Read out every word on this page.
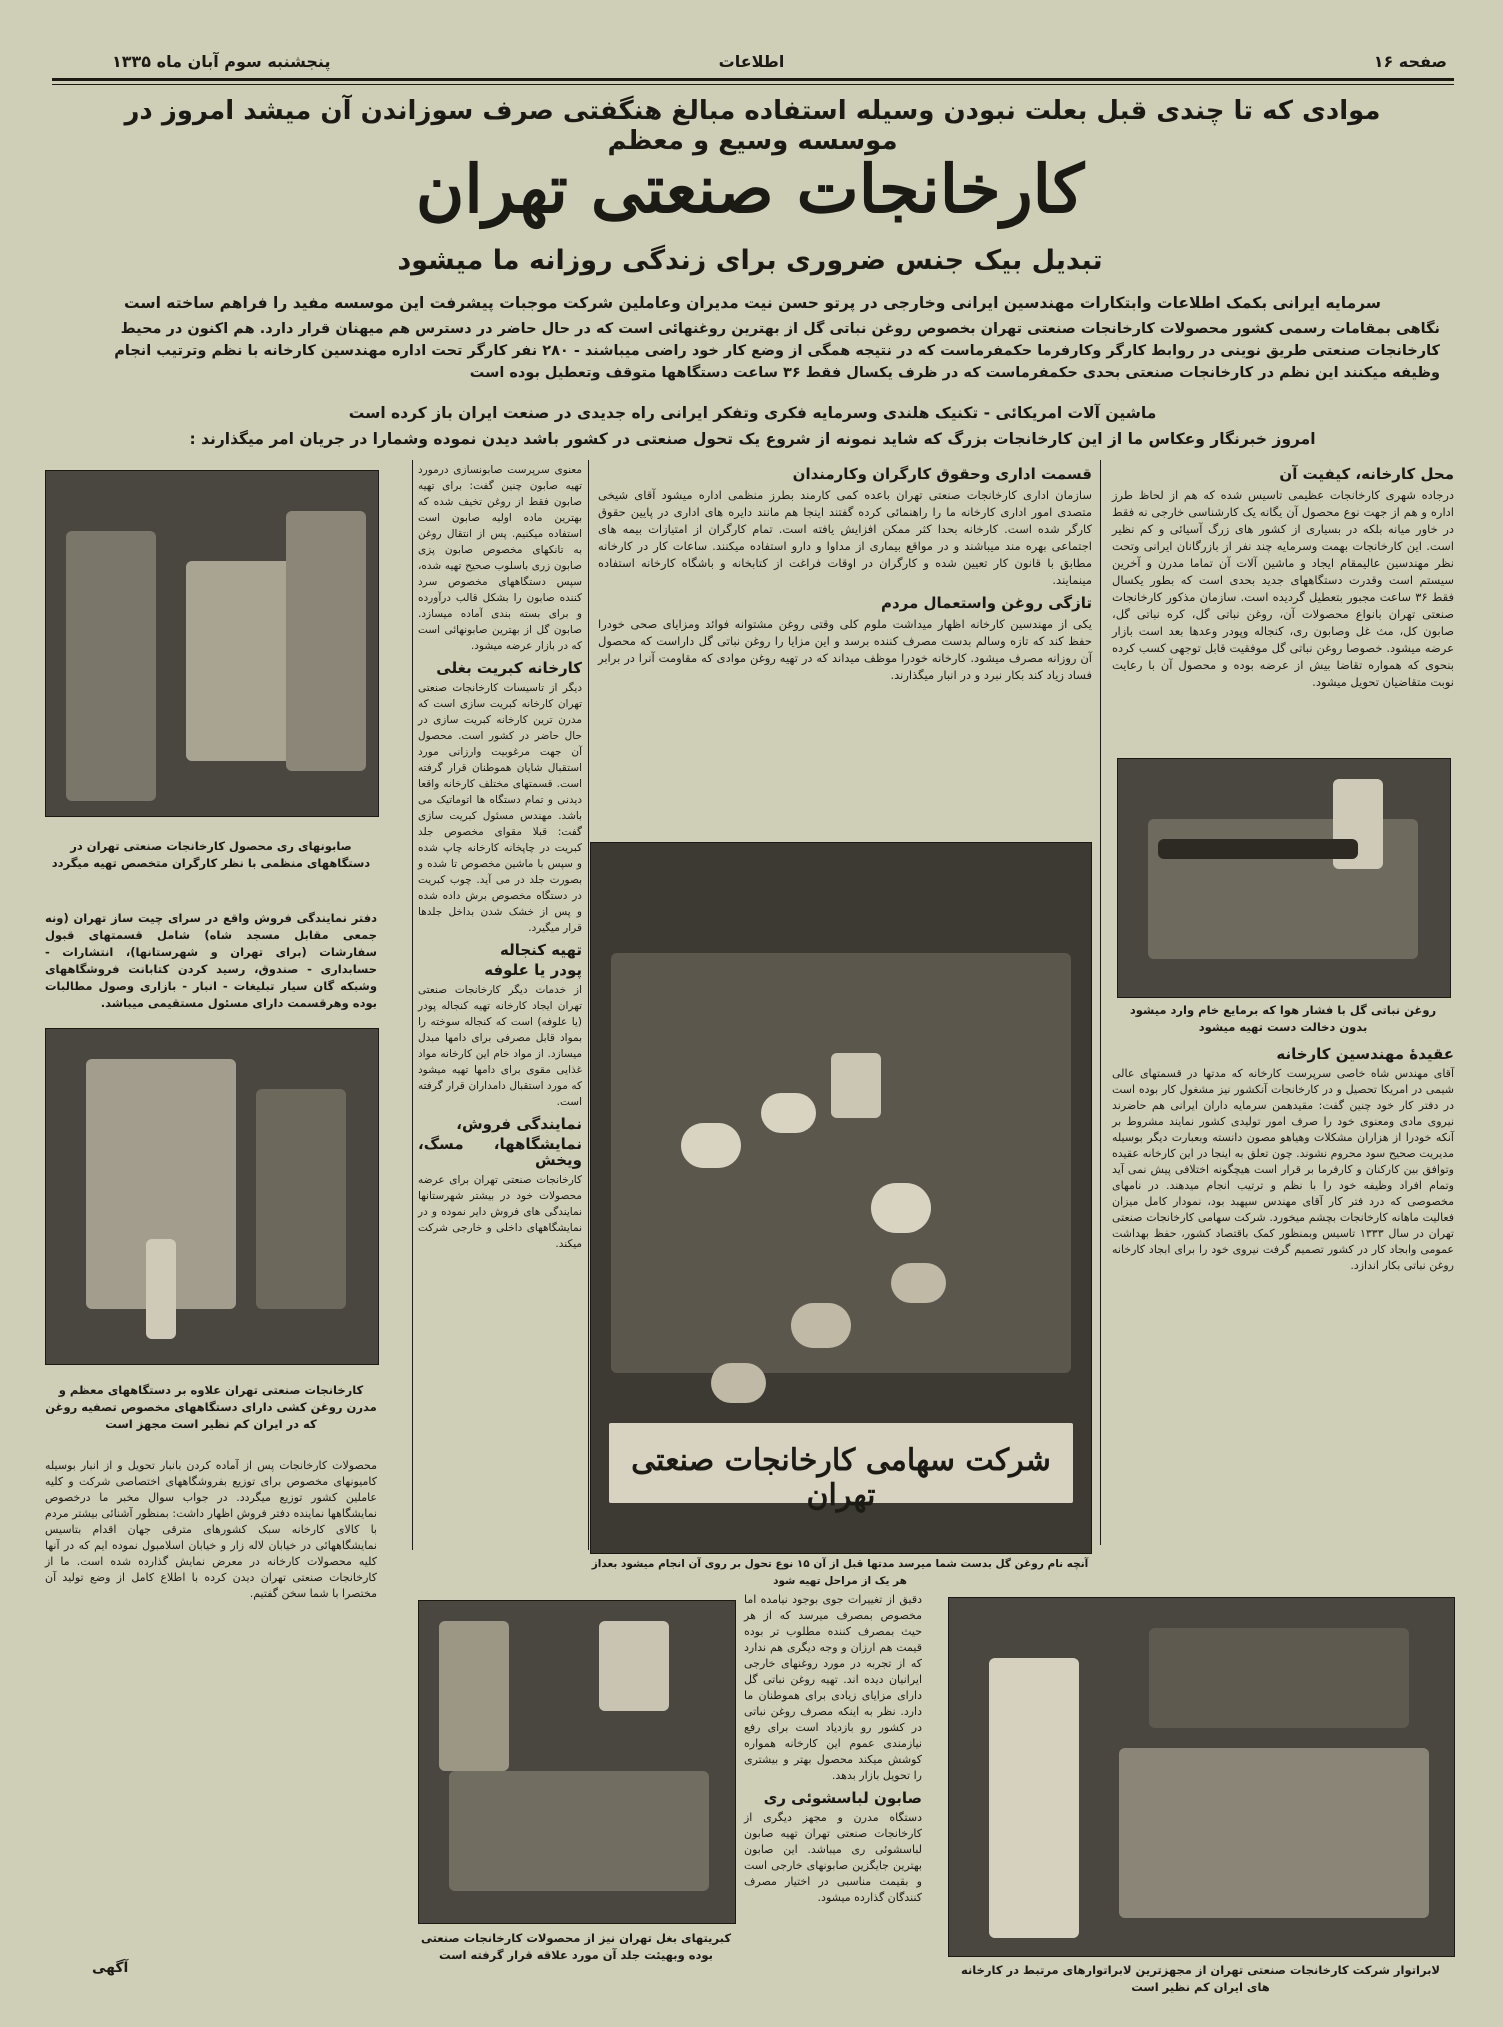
صفحه ۱۶
اطلاعات
پنجشنبه سوم آبان ماه ۱۳۳۵
موادی که تا چندی قبل بعلت نبودن وسیله استفاده مبالغ هنگفتی صرف سوزاندن آن میشد امروز در موسسه وسیع و معظم
کارخانجات صنعتی تهران
تبدیل بیک جنس ضروری برای زندگی روزانه ما میشود
سرمایه ایرانی بکمک اطلاعات وابتکارات مهندسین ایرانی وخارجی در پرتو حسن نیت مدیران وعاملین شرکت موجبات پیشرفت این موسسه مفید را فراهم ساخته است
نگاهی بمقامات رسمی کشور محصولات کارخانجات صنعتی تهران بخصوص روغن نباتی گل از بهترین روغنهائی است که در حال حاضر در دسترس هم میهنان قرار دارد. هم اکنون در محیط کارخانجات صنعتی طریق نوینی در روابط کارگر وکارفرما حکمفرماست که در نتیجه همگی از وضع کار خود راضی میباشند - ۲۸۰ نفر کارگر تحت اداره مهندسین کارخانه با نظم وترتیب انجام وظیفه میکنند این نظم در کارخانجات صنعتی بحدی حکمفرماست که در ظرف یکسال فقط ۳۶ ساعت دستگاهها متوقف وتعطیل بوده است
ماشین آلات امریکائی - تکنیک هلندی وسرمایه فکری وتفکر ایرانی راه جدیدی در صنعت ایران باز کرده است
امروز خبرنگار وعکاس ما از این کارخانجات بزرگ که شاید نمونه از شروع یک تحول صنعتی در کشور باشد دیدن نموده وشمارا در جریان امر میگذارند :
محل کارخانه، کیفیت آن

درجاده شهری کارخانجات عظیمی تاسیس شده که هم از لحاظ طرز اداره و هم از جهت نوع محصول آن یگانه یک کارشناسی خارجی نه فقط در خاور میانه بلکه در بسیاری از کشور های زرگ آسیائی و کم نظیر است. این کارخانجات بهمت وسرمایه چند نفر از بازرگانان ایرانی وتحت نظر مهندسین عالیمقام ایجاد و ماشین آلات آن تماما مدرن و آخرین سیستم است وقدرت دستگاههای جدید بحدی است که بطور یکسال فقط ۳۶ ساعت مجبور بتعطیل گردیده است. سازمان مذکور کارخانجات صنعتی تهران بانواع محصولات آن، روغن نباتی گل، کره نباتی گل، صابون کل، مث غل وصابون ری، کنجاله وپودر وعدها بعد است بازار عرضه میشود. خصوصا روغن نباتی گل موفقیت قابل توجهی کسب کرده بنحوی که همواره تقاضا بیش از عرضه بوده و محصول آن با رعایت نوبت متقاضیان تحویل میشود.

روغن نباتی گل با فشار هوا که برمایع خام وارد میشود بدون دخالت دست تهیه میشود
عقیدهٔ مهندسین کارخانه

آقای مهندس شاه خاصی سرپرست کارخانه که مدتها در قسمتهای عالی شیمی در امریکا تحصیل و در کارخانجات آنکشور نیز مشغول کار بوده است در دفتر کار خود چنین گفت: مقیدهمن سرمایه داران ایرانی هم حاضرند نیروی مادی ومعنوی خود را صرف امور تولیدی کشور نمایند مشروط بر آنکه خودرا از هزاران مشکلات وهیاهو مصون دانسته وبعبارت دیگر بوسیله مدیریت صحیح سود محروم نشوند. چون تعلق به اینجا در این کارخانه عقیده وتوافق بین کارکنان و کارفرما بر قرار است هیچگونه اختلافی پیش نمی آید وتمام افراد وظیفه خود را با نظم و ترتیب انجام میدهند. در نامهای مخصوصی که درد فتر کار آقای مهندس سپهبد بود، نمودار کامل میزان فعالیت ماهانه کارخانجات بچشم میخورد. شرکت سهامی کارخانجات صنعتی تهران در سال ۱۳۳۳ تاسیس وبمنظور کمک باقتصاد کشور، حفظ بهداشت عمومی وابجاد کار در کشور تصمیم گرفت نیروی خود را برای ابجاد کارخانه روغن نباتی بکار اندازد.

قسمت اداری وحقوق کارگران وکارمندان

سازمان اداری کارخانجات صنعتی تهران باعده کمی کارمند بطرز منظمی اداره میشود آقای شیخی متصدی امور اداری کارخانه ما را راهنمائی کرده گفتند اینجا هم مانند دایره های اداری در پایین حقوق کارگر شده است. کارخانه بحدا کثر ممکن افزایش یافته است. تمام کارگران از امتیازات بیمه های اجتماعی بهره مند میباشند و در مواقع بیماری از مداوا و دارو استفاده میکنند. ساعات کار در کارخانه مطابق با قانون کار تعیین شده و کارگران در اوقات فراغت از کتابخانه و باشگاه کارخانه استفاده مینمایند.

تازگی روغن واستعمال مردم

یکی از مهندسین کارخانه اظهار میداشت ملوم کلی وقتی روغن مشتوانه فوائد ومزایای صحی خودرا حفظ کند که تازه وسالم بدست مصرف کننده برسد و این مزایا را روغن نباتی گل داراست که محصول آن روزانه مصرف میشود. کارخانه خودرا موظف میداند که در تهیه روغن موادی که مقاومت آنرا در برابر فساد زیاد کند بکار نبرد و در انبار میگذارند.

شرکت سهامی کارخانجات صنعتی تهران
آنچه نام روغن گل بدست شما میرسد مدتها قبل از آن ۱۵ نوع تحول بر روی آن انجام میشود بعداز هر یک از مراحل تهیه شود

معنوی سرپرست صابونسازی درمورد تهیه صابون چنین گفت: برای تهیه صابون فقط از روغن تخیف شده که بهترین ماده اولیه صابون است استفاده میکنیم. پس از انتقال روغن به تانکهای مخصوص صابون پزی صابون زری باسلوب صحیح تهیه شده، سپس دستگاههای مخصوص سرد کننده صابون را بشکل قالب درآورده و برای بسته بندی آماده میسازد. صابون گل از بهترین صابونهائی است که در بازار عرضه میشود.

کارخانه کبریت بغلی

دیگر از تاسیسات کارخانجات صنعتی تهران کارخانه کبریت سازی است که مدرن ترین کارخانه کبریت سازی در حال حاضر در کشور است. محصول آن جهت مرغوبیت وارزانی مورد استقبال شایان هموطنان قرار گرفته است. قسمتهای مختلف کارخانه واقعا دیدنی و تمام دستگاه ها اتوماتیک می باشد. مهندس مسئول کبریت سازی گفت: قبلا مقوای مخصوص جلد کبریت در چاپخانه کارخانه چاپ شده و سپس با ماشین مخصوص تا شده و بصورت جلد در می آید. چوب کبریت در دستگاه مخصوص برش داده شده و پس از خشک شدن بداخل جلدها قرار میگیرد.

تهیه کنجاله
پودر یا علوفه

از خدمات دیگر کارخانجات صنعتی تهران ایجاد کارخانه تهیه کنجاله پودر (یا علوفه) است که کنجاله سوخته را بمواد قابل مصرفی برای دامها مبدل میسازد. از مواد خام این کارخانه مواد غذایی مقوی برای دامها تهیه میشود که مورد استقبال دامداران قرار گرفته است.

نمایندگی فروش،
نمایشگاهها، مسگ، ویخش

کارخانجات صنعتی تهران برای عرضه محصولات خود در بیشتر شهرستانها نمایندگی های فروش دایر نموده و در نمایشگاههای داخلی و خارجی شرکت میکند.

صابونهای ری محصول کارخانجات صنعتی تهران در دستگاههای منظمی با نظر کارگران متخصص تهیه میگردد

دفتر نمایندگی فروش واقع در سرای چیت ساز تهران (ونه جمعی مقابل مسجد شاه) شامل قسمتهای قبول سفارشات (برای تهران و شهرستانها)، انتشارات - حسابداری - صندوق، رسید کردن کتابانت فروشگاههای وشبکه گان سیار تبلیغات - انبار - بازاری وصول مطالبات بوده وهرقسمت دارای مسئول مستقیمی میباشد.

کارخانجات صنعتی تهران علاوه بر دستگاههای معظم و مدرن روغن کشی دارای دستگاههای مخصوص تصفیه روغن که در ایران کم نظیر است مجهز است

محصولات کارخانجات پس از آماده کردن بانبار تحویل و از انبار بوسیله کامیونهای مخصوص برای توزیع بفروشگاههای اختصاصی شرکت و کلیه عاملین کشور توزیع میگردد. در جواب سوال مخبر ما درخصوص نمایشگاهها نماینده دفتر فروش اظهار داشت: بمنظور آشنائی بیشتر مردم با کالای کارخانه سبک کشورهای مترقی جهان اقدام بتاسیس نمایشگاههائی در خیابان لاله زار و خیابان اسلامبول نموده ایم که در آنها کلیه محصولات کارخانه در معرض نمایش گذارده شده است. ما از کارخانجات صنعتی تهران دیدن کرده با اطلاع کامل از وضع تولید آن مختصرا با شما سخن گفتیم.

کبریتهای بغل تهران نیز از محصولات کارخانجات صنعتی بوده وبهیئت جلد آن مورد علاقه قرار گرفته است

دقیق از تغییرات جوی بوجود نیامده اما مخصوص بمصرف میرسد که از هر حیث بمصرف کننده مطلوب تر بوده قیمت هم ارزان و وجه دیگری هم ندارد که از تجربه در مورد روغنهای خارجی ایرانیان دیده اند. تهیه روغن نباتی گل دارای مزایای زیادی برای هموطنان ما دارد. نظر به اینکه مصرف روغن نباتی در کشور رو بازدیاد است برای رفع نیازمندی عموم این کارخانه همواره کوشش میکند محصول بهتر و بیشتری را تحویل بازار بدهد.

صابون لباسشوئی ری

دستگاه مدرن و مجهز دیگری از کارخانجات صنعتی تهران تهیه صابون لباسشوئی ری میباشد. این صابون بهترین جایگزین صابونهای خارجی است و بقیمت مناسبی در اختیار مصرف کنندگان گذارده میشود.

لابراتوار شرکت کارخانجات صنعتی تهران از مجهزترین لابراتوارهای مرتبط در کارخانه های ایران کم نظیر است
آگهی
